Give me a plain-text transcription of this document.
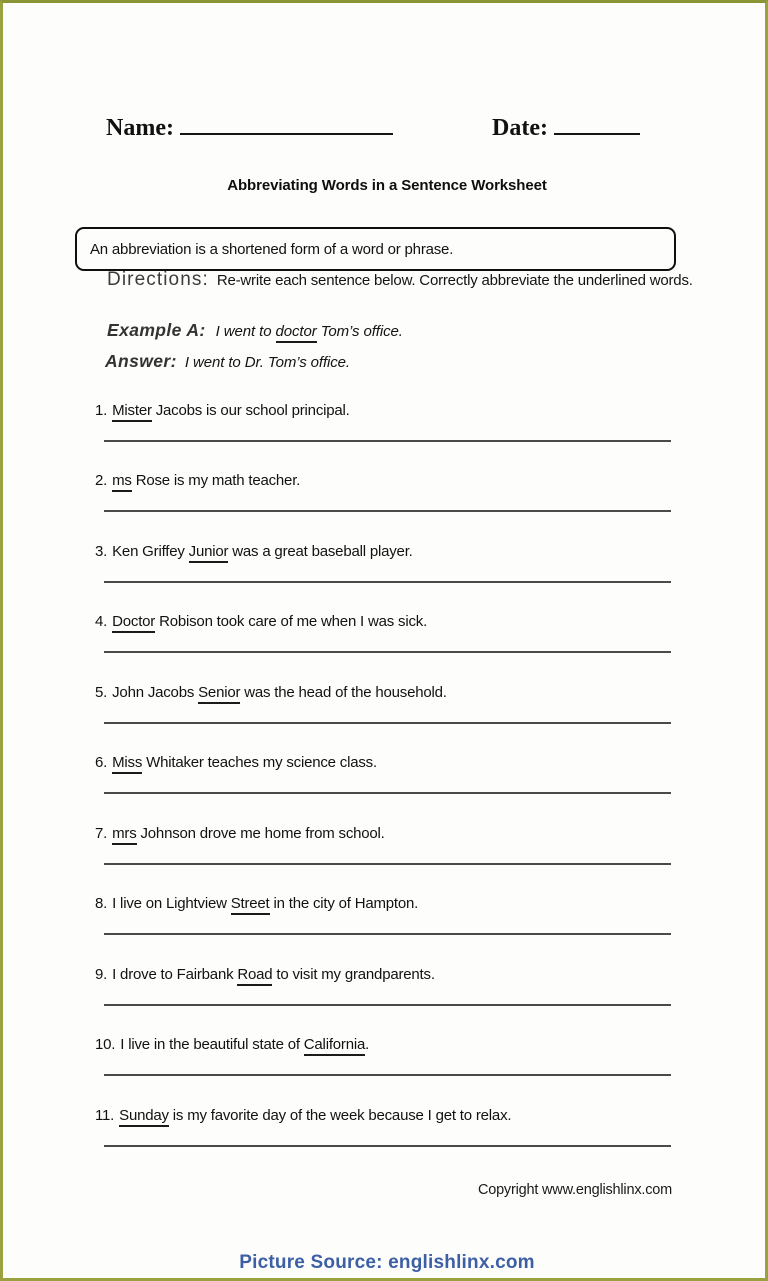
Name:	Date:
Abbreviating Words in a Sentence Worksheet
An abbreviation is a shortened form of a word or phrase.
Directions: Re-write each sentence below. Correctly abbreviate the underlined words.
Example A: I went to doctor Tom’s office.
Answer: I went to Dr. Tom’s office.

1. Mister Jacobs is our school principal.

2. ms Rose is my math teacher.

3. Ken Griffey Junior was a great baseball player.

4. Doctor Robison took care of me when I was sick.

5. John Jacobs Senior was the head of the household.

6. Miss Whitaker teaches my science class.

7. mrs Johnson drove me home from school.

8. I live on Lightview Street in the city of Hampton.

9. I drove to Fairbank Road to visit my grandparents.

10. I live in the beautiful state of California.

11. Sunday is my favorite day of the week because I get to relax.

Copyright www.englishlinx.com
Picture Source: englishlinx.com
